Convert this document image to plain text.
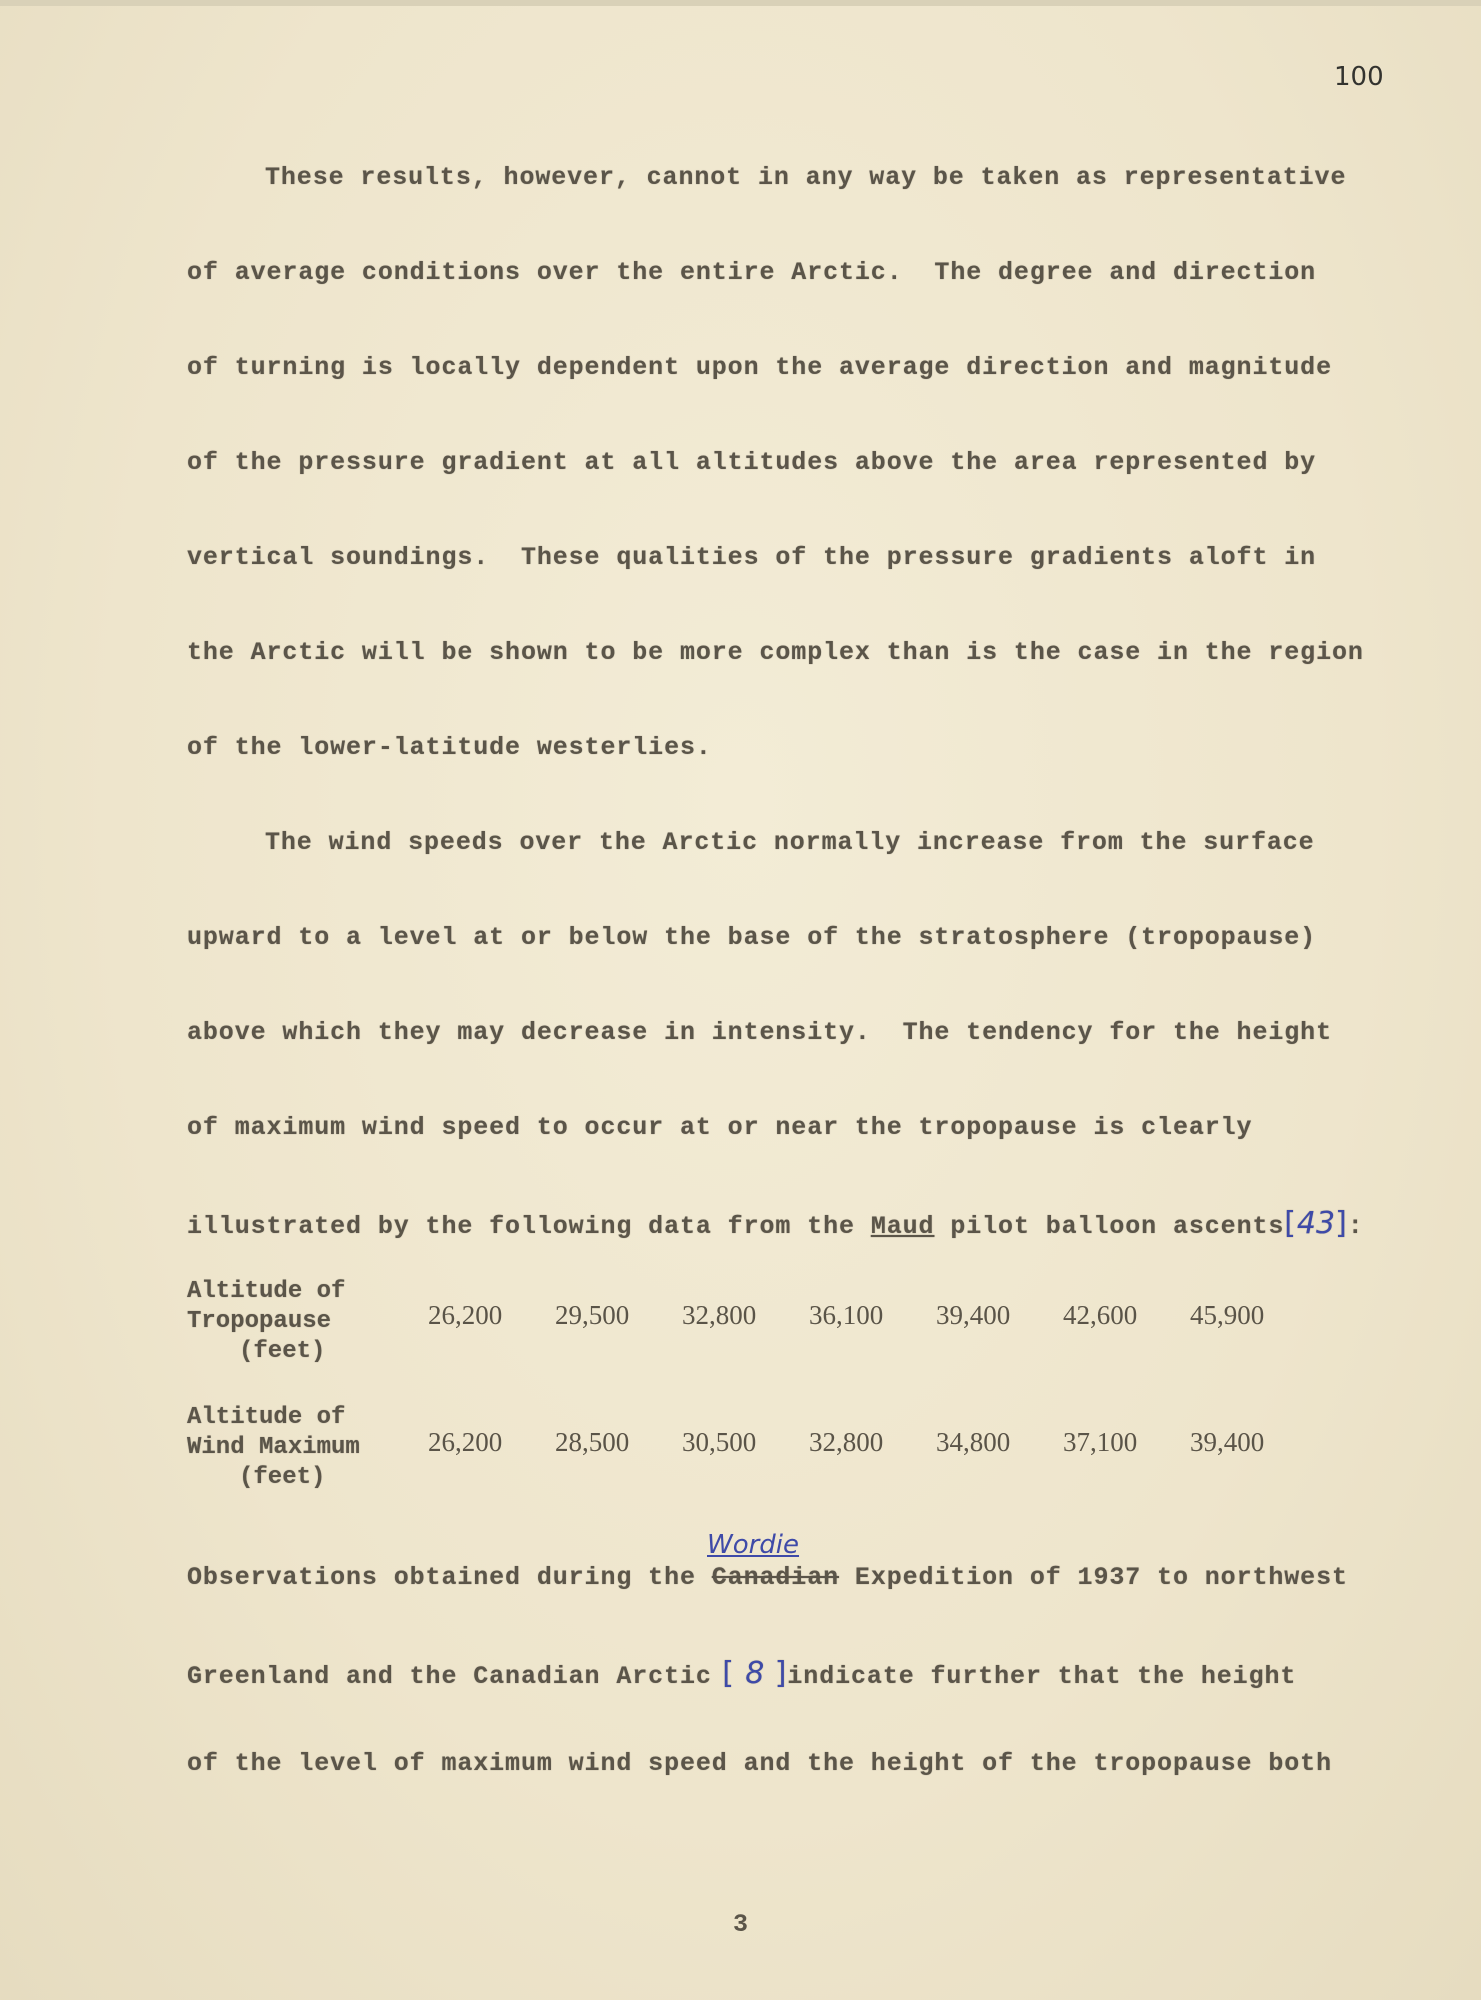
100
These results, however, cannot in any way be taken as representative
of average conditions over the entire Arctic.  The degree and direction
of turning is locally dependent upon the average direction and magnitude
of the pressure gradient at all altitudes above the area represented by
vertical soundings.  These qualities of the pressure gradients aloft in
the Arctic will be shown to be more complex than is the case in the region
of the lower-latitude westerlies.
The wind speeds over the Arctic normally increase from the surface
upward to a level at or below the base of the stratosphere (tropopause)
above which they may decrease in intensity.  The tendency for the height
of maximum wind speed to occur at or near the tropopause is clearly
illustrated by the following data from the Maud pilot balloon ascents[43]:
Altitude of
Tropopause
(feet)
26,200 29,500 32,800 36,100 39,400 42,600 45,900
Altitude of
Wind Maximum
(feet)
26,200 28,500 30,500 32,800 34,800 37,100 39,400
Wordie
Observations obtained during the Canadian Expedition of 1937 to northwest
Greenland and the Canadian Arctic [ 8 ]indicate further that the height
of the level of maximum wind speed and the height of the tropopause both
3
